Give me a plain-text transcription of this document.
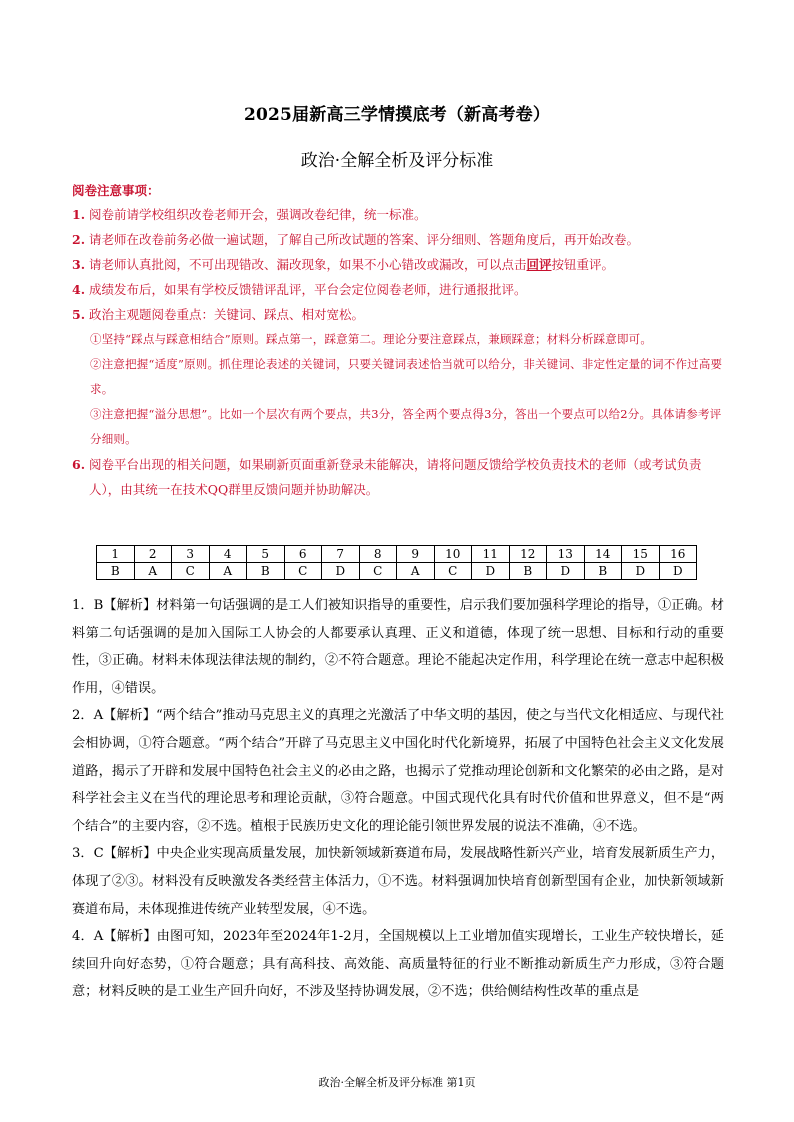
2025届新高三学情摸底考（新高考卷）
政治·全解全析及评分标准
阅卷注意事项：

1. 阅卷前请学校组织改卷老师开会，强调改卷纪律，统一标准。

2. 请老师在改卷前务必做一遍试题，了解自己所改试题的答案、评分细则、答题角度后，再开始改卷。

3. 请老师认真批阅，不可出现错改、漏改现象，如果不小心错改或漏改，可以点击回评按钮重评。

4. 成绩发布后，如果有学校反馈错评乱评，平台会定位阅卷老师，进行通报批评。

5. 政治主观题阅卷重点：关键词、踩点、相对宽松。

①坚持“踩点与踩意相结合”原则。踩点第一，踩意第二。理论分要注意踩点，兼顾踩意；材料分析踩意即可。

②注意把握“适度”原则。抓住理论表述的关键词，只要关键词表述恰当就可以给分，非关键词、非定性定量的词不作过高要求。

③注意把握“溢分思想”。比如一个层次有两个要点，共3分，答全两个要点得3分，答出一个要点可以给2分。具体请参考评分细则。

6. 阅卷平台出现的相关问题，如果刷新页面重新登录未能解决，请将问题反馈给学校负责技术的老师（或考试负责人），由其统一在技术QQ群里反馈问题并协助解决。

1	2	3	4	5	6	7	8	9	10	11	12	13	14	15	16
B	A	C	A	B	C	D	C	A	C	D	B	D	B	D	D

1．B【解析】材料第一句话强调的是工人们被知识指导的重要性，启示我们要加强科学理论的指导，①正确。材料第二句话强调的是加入国际工人协会的人都要承认真理、正义和道德，体现了统一思想、目标和行动的重要性，③正确。材料未体现法律法规的制约，②不符合题意。理论不能起决定作用，科学理论在统一意志中起积极作用，④错误。

2．A【解析】“两个结合”推动马克思主义的真理之光激活了中华文明的基因，使之与当代文化相适应、与现代社会相协调，①符合题意。“两个结合”开辟了马克思主义中国化时代化新境界，拓展了中国特色社会主义文化发展道路，揭示了开辟和发展中国特色社会主义的必由之路，也揭示了党推动理论创新和文化繁荣的必由之路，是对科学社会主义在当代的理论思考和理论贡献，③符合题意。中国式现代化具有时代价值和世界意义，但不是“两个结合”的主要内容，②不选。植根于民族历史文化的理论能引领世界发展的说法不准确，④不选。

3．C【解析】中央企业实现高质量发展，加快新领域新赛道布局，发展战略性新兴产业，培育发展新质生产力，体现了②③。材料没有反映激发各类经营主体活力，①不选。材料强调加快培育创新型国有企业，加快新领域新赛道布局，未体现推进传统产业转型发展，④不选。

4．A【解析】由图可知，2023年至2024年1-2月，全国规模以上工业增加值实现增长，工业生产较快增长，延续回升向好态势，①符合题意；具有高科技、高效能、高质量特征的行业不断推动新质生产力形成，③符合题意；材料反映的是工业生产回升向好，不涉及坚持协调发展，②不选；供给侧结构性改革的重点是

政治·全解全析及评分标准 第1页
